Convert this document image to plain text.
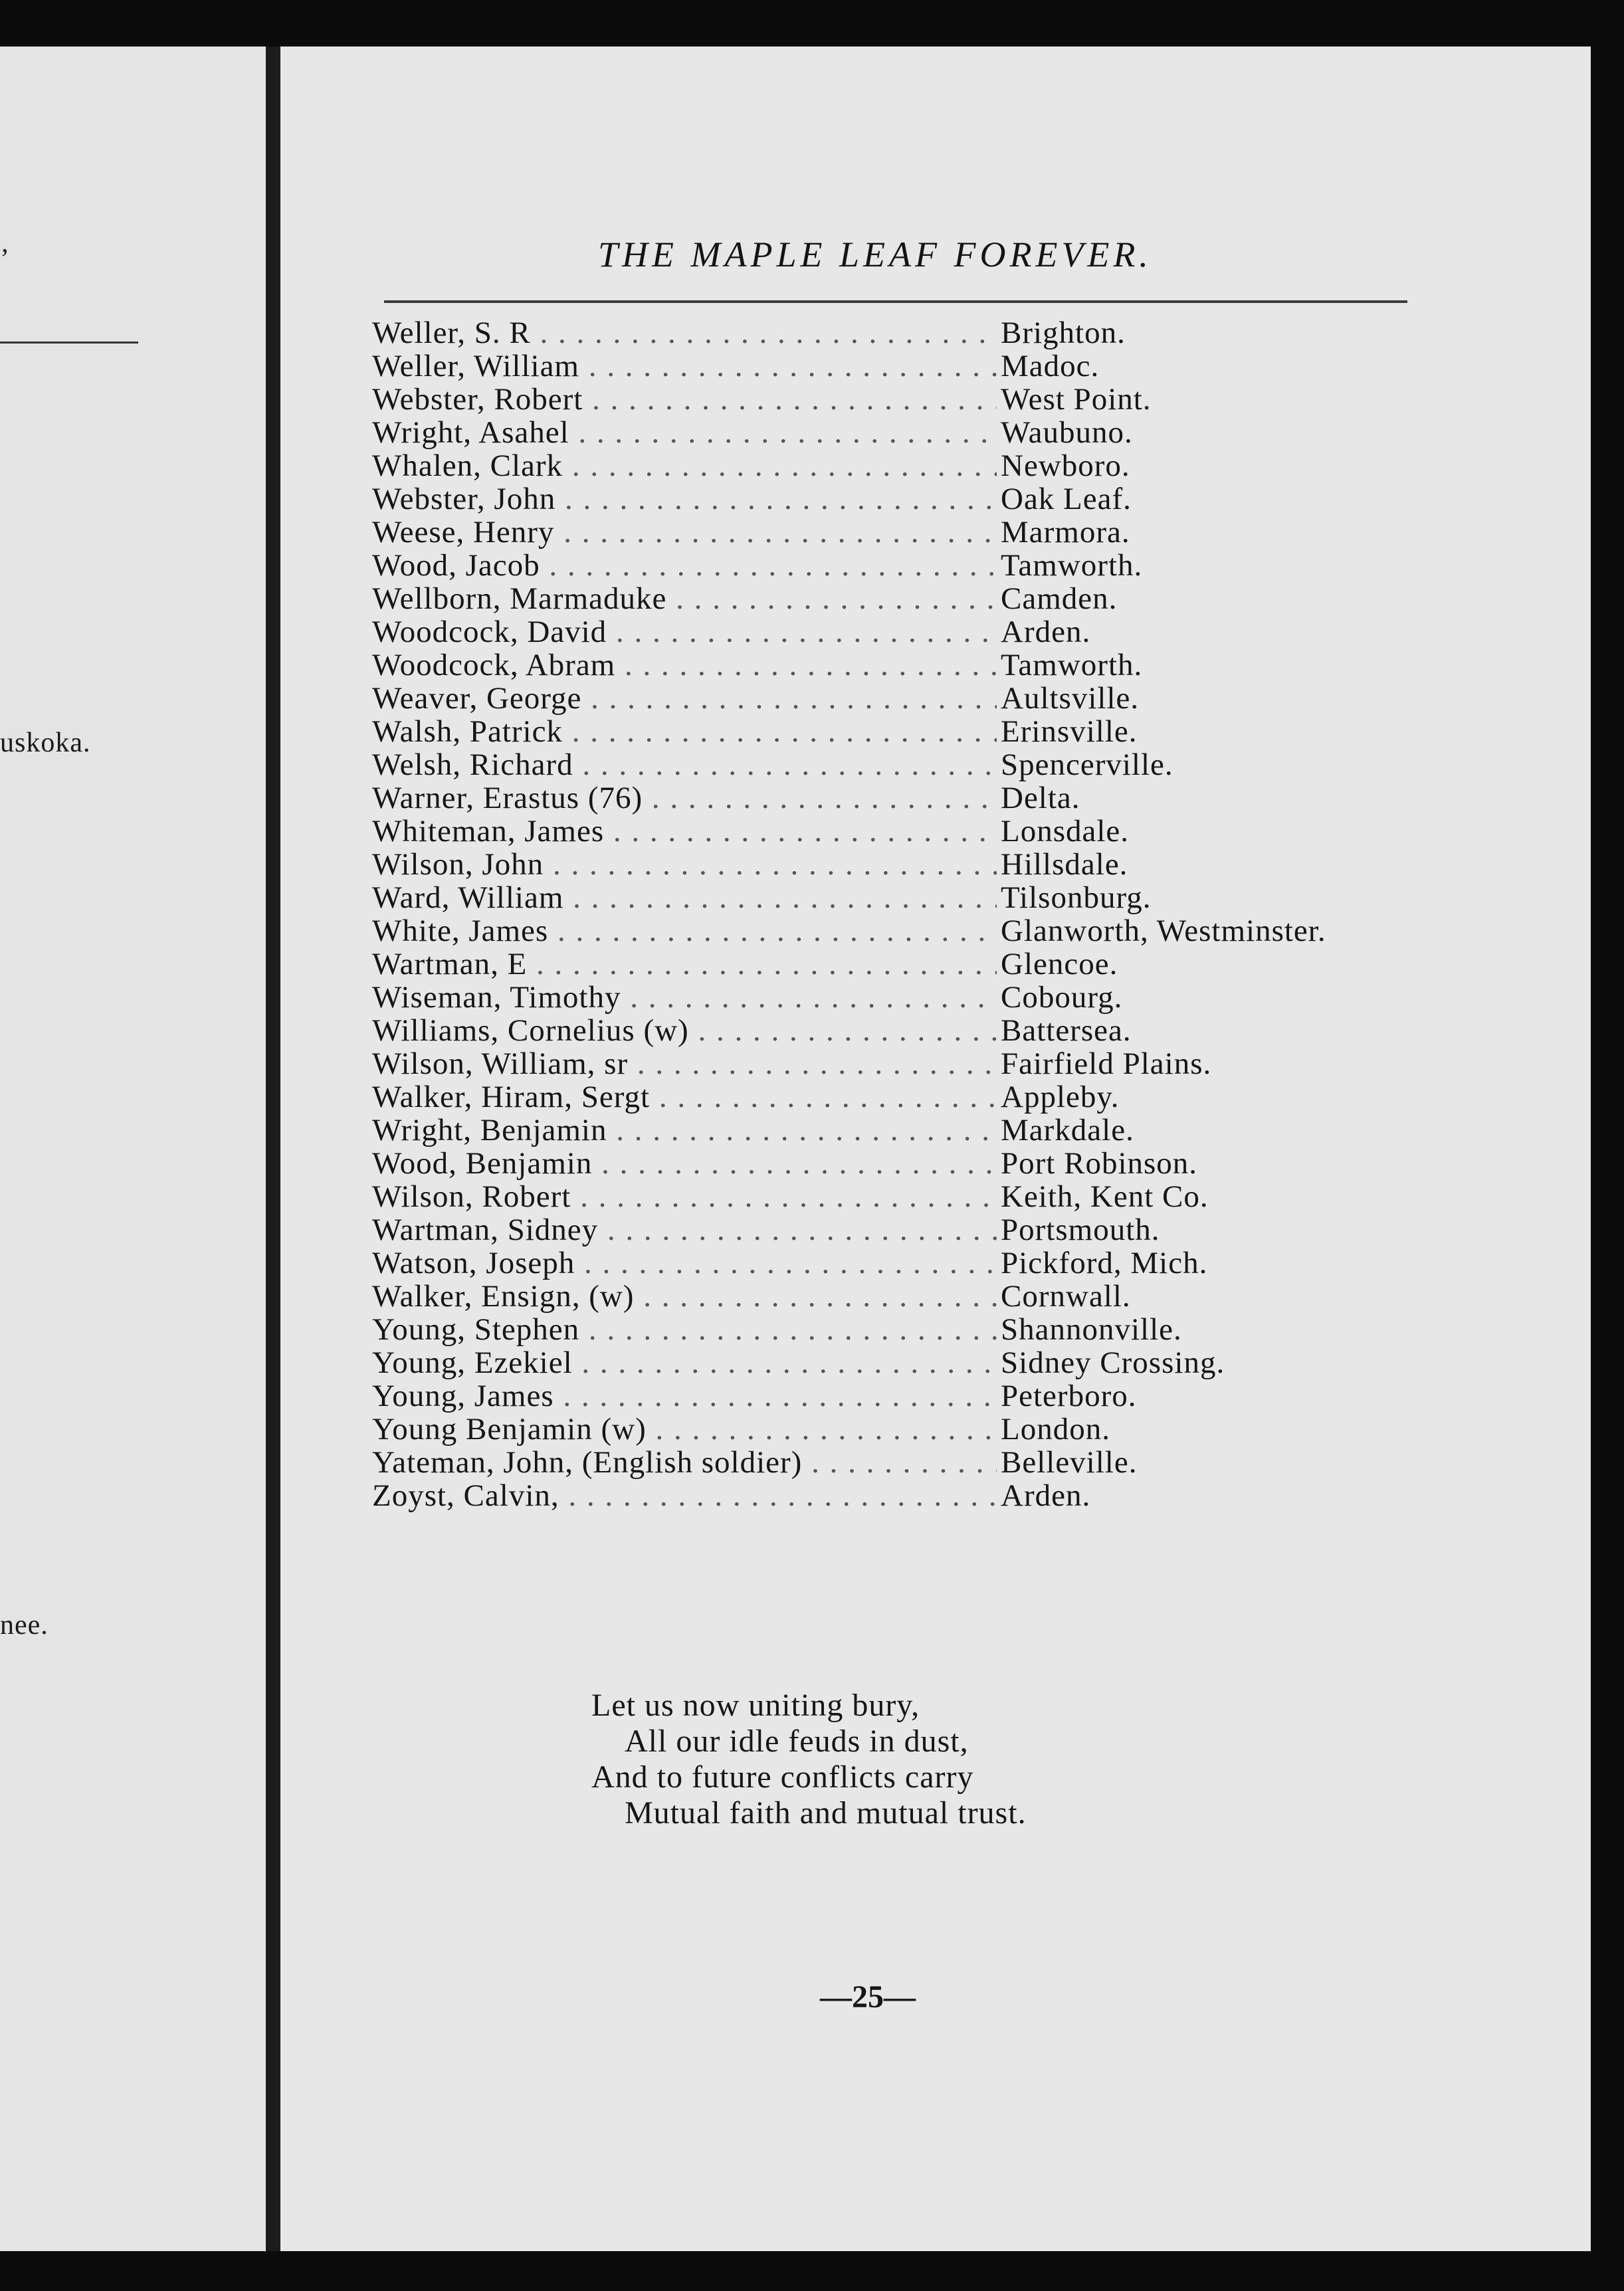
’
uskoka.
nee.
THE MAPLE LEAF FOREVER.
Weller, S. R . . .	Brighton.
Weller, William . . .	Madoc.
Webster, Robert . . .	West Point.
Wright, Asahel . . .	Waubuno.
Whalen, Clark . . .	Newboro.
Webster, John . . .	Oak Leaf.
Weese, Henry . . .	Marmora.
Wood, Jacob . . .	Tamworth.
Wellborn, Marmaduke . . .	Camden.
Woodcock, David . . .	Arden.
Woodcock, Abram . . .	Tamworth.
Weaver, George . . .	Aultsville.
Walsh, Patrick . . .	Erinsville.
Welsh, Richard . . .	Spencerville.
Warner, Erastus (76) . . .	Delta.
Whiteman, James . . .	Lonsdale.
Wilson, John . . .	Hillsdale.
Ward, William . . .	Tilsonburg.
White, James . . .	Glanworth, Westminster.
Wartman, E . . .	Glencoe.
Wiseman, Timothy . . .	Cobourg.
Williams, Cornelius (w) . . .	Battersea.
Wilson, William, sr . . .	Fairfield Plains.
Walker, Hiram, Sergt . . .	Appleby.
Wright, Benjamin . . .	Markdale.
Wood, Benjamin . . .	Port Robinson.
Wilson, Robert . . .	Keith, Kent Co.
Wartman, Sidney . . .	Portsmouth.
Watson, Joseph . . .	Pickford, Mich.
Walker, Ensign, (w) . . .	Cornwall.
Young, Stephen . . .	Shannonville.
Young, Ezekiel . . .	Sidney Crossing.
Young, James . . .	Peterboro.
Young Benjamin (w) . . .	London.
Yateman, John, (English soldier) . . .	Belleville.
Zoyst, Calvin, . . .	Arden.
Let us now uniting bury,
All our idle feuds in dust,
And to future conflicts carry
Mutual faith and mutual trust.
—25—
